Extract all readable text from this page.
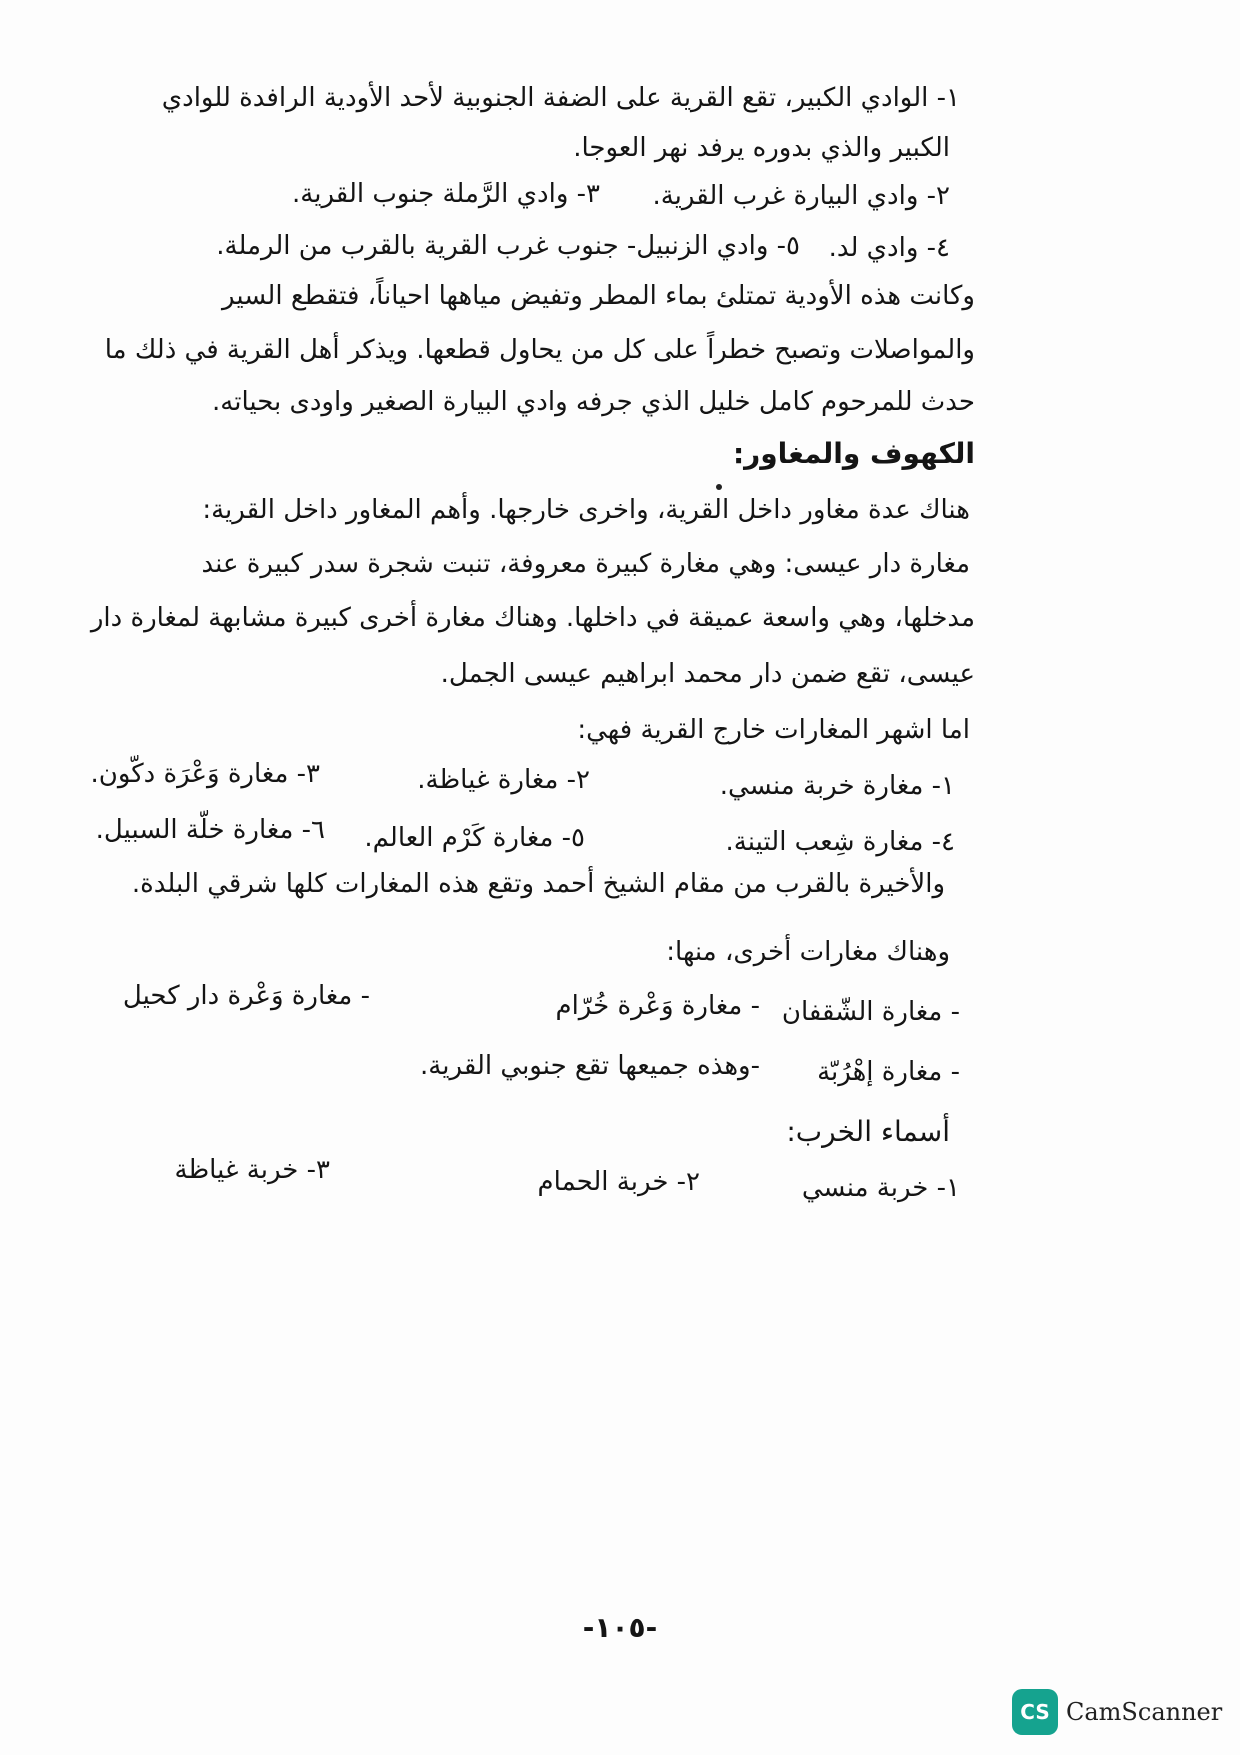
١- الوادي الكبير، تقع القرية على الضفة الجنوبية لأحد الأودية الرافدة للوادي
الكبير والذي بدوره يرفد نهر العوجا.
٢- وادي البيارة غرب القرية.
٣- وادي الرَّملة جنوب القرية.
٤- وادي لد.
٥- وادي الزنبيل- جنوب غرب القرية بالقرب من الرملة.
وكانت هذه الأودية تمتلئ بماء المطر وتفيض مياهها احياناً، فتقطع السير
والمواصلات وتصبح خطراً على كل من يحاول قطعها. ويذكر أهل القرية في ذلك ما
حدث للمرحوم كامل خليل الذي جرفه وادي البيارة الصغير واودى بحياته.
الكهوف والمغاور:
هناك عدة مغاور داخل القرية، واخرى خارجها. وأهم المغاور داخل القرية:
مغارة دار عيسى: وهي مغارة كبيرة معروفة، تنبت شجرة سدر كبيرة عند
مدخلها، وهي واسعة عميقة في داخلها. وهناك مغارة أخرى كبيرة مشابهة لمغارة دار
عيسى، تقع ضمن دار محمد ابراهيم عيسى الجمل.
اما اشهر المغارات خارج القرية فهي:
١- مغارة خربة منسي.
٢- مغارة غياظة.
٣- مغارة وَعْرَة دكّون.
٤- مغارة شِعب التينة.
٥- مغارة كَرْم العالم.
٦- مغارة خلّة السبيل.
والأخيرة بالقرب من مقام الشيخ أحمد وتقع هذه المغارات كلها شرقي البلدة.
وهناك مغارات أخرى، منها:
- مغارة الشّقفان
- مغارة وَعْرة خُرّام
- مغارة وَعْرة دار كحيل
- مغارة إهْرُبّة
-وهذه جميعها تقع جنوبي القرية.
أسماء الخرب:
١- خربة منسي
٢- خربة الحمام
٣- خربة غياظة
-١٠٥-
CS CamScanner
